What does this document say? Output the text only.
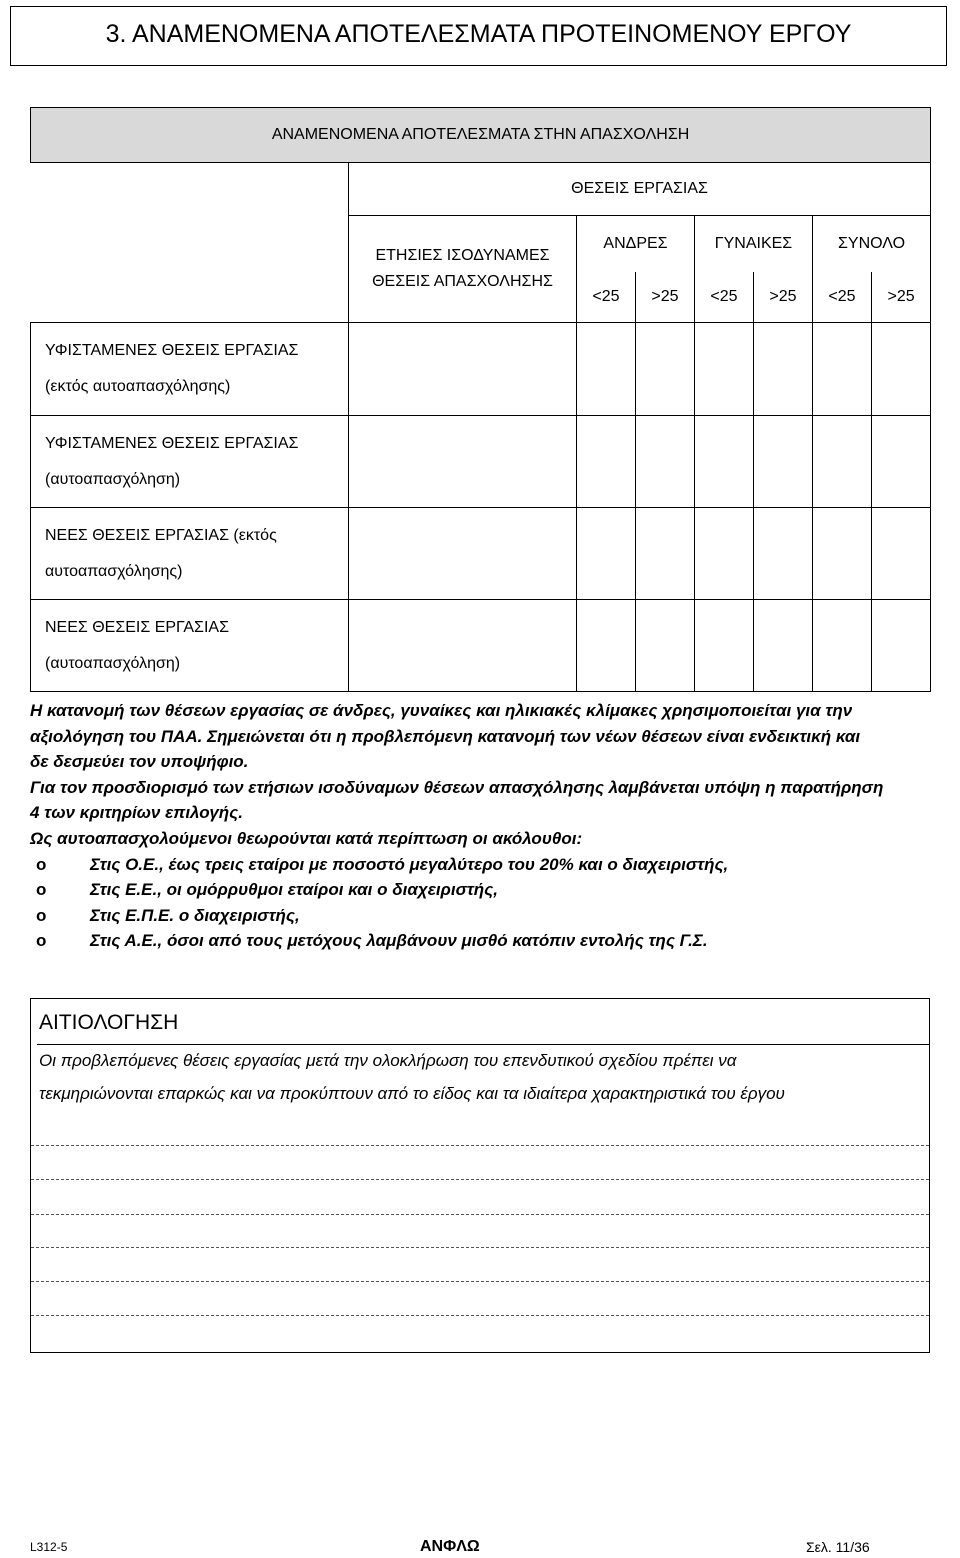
3. ΑΝΑΜΕΝΟΜΕΝΑ ΑΠΟΤΕΛΕΣΜΑΤΑ ΠΡΟΤΕΙΝΟΜΕΝΟΥ ΕΡΓΟΥ
ΑΝΑΜΕΝΟΜΕΝΑ ΑΠΟΤΕΛΕΣΜΑΤΑ ΣΤΗΝ ΑΠΑΣΧΟΛΗΣΗ							
	ΘΕΣΕΙΣ ΕΡΓΑΣΙΑΣ						

	ΕΤΗΣΙΕΣ ΙΣΟΔΥΝΑΜΕΣ
ΘΕΣΕΙΣ ΑΠΑΣΧΟΛΗΣΗΣ	ΑΝΔΡΕΣ		ΓΥΝΑΙΚΕΣ		ΣΥΝΟΛΟ	
		<25	>25	<25	>25	<25	>25

ΥΦΙΣΤΑΜΕΝΕΣ ΘΕΣΕΙΣ ΕΡΓΑΣΙΑΣ
(εκτός αυτοαπασχόλησης)							

ΥΦΙΣΤΑΜΕΝΕΣ ΘΕΣΕΙΣ ΕΡΓΑΣΙΑΣ
(αυτοαπασχόληση)							

ΝΕΕΣ ΘΕΣΕΙΣ ΕΡΓΑΣΙΑΣ (εκτός
αυτοαπασχόλησης)							

ΝΕΕΣ ΘΕΣΕΙΣ ΕΡΓΑΣΙΑΣ
(αυτοαπασχόληση)							

Η κατανομή των θέσεων εργασίας σε άνδρες, γυναίκες και ηλικιακές κλίμακες χρησιμοποιείται για την

αξιολόγηση του ΠΑΑ. Σημειώνεται ότι η προβλεπόμενη κατανομή των νέων θέσεων είναι ενδεικτική και

δε δεσμεύει τον υποψήφιο.

Για τον προσδιορισμό των ετήσιων ισοδύναμων θέσεων απασχόλησης λαμβάνεται υπόψη η παρατήρηση

4 των κριτηρίων επιλογής.

Ως αυτοαπασχολούμενοι θεωρούνται κατά περίπτωση οι ακόλουθοι:

o	Στις Ο.Ε., έως τρεις εταίροι με ποσοστό μεγαλύτερο του 20% και ο διαχειριστής,

o	Στις Ε.Ε., οι ομόρρυθμοι εταίροι και ο διαχειριστής,

o	Στις Ε.Π.Ε. ο διαχειριστής,

o	Στις Α.Ε., όσοι από τους μετόχους λαμβάνουν μισθό κατόπιν εντολής της Γ.Σ.

ΑΙΤΙΟΛΟΓΗΣΗ
Οι προβλεπόμενες θέσεις εργασίας μετά την ολοκλήρωση του επενδυτικού σχεδίου πρέπει να
τεκμηριώνονται επαρκώς και να προκύπτουν από το είδος και τα ιδιαίτερα χαρακτηριστικά του έργου
L312-5	ΑΝΦΛΩ	Σελ. 11/36
